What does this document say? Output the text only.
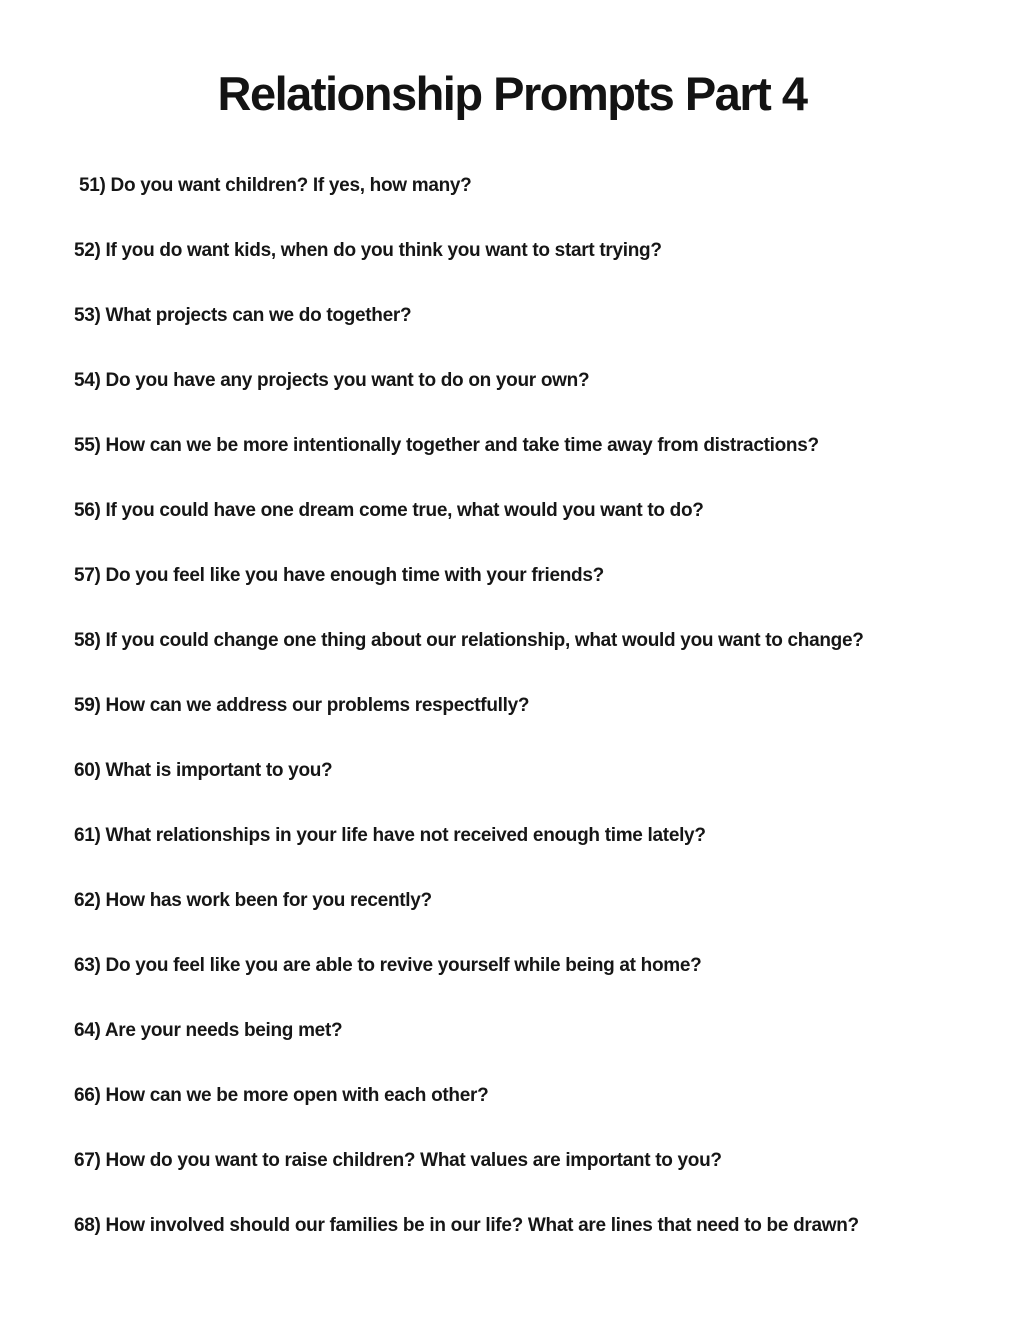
Relationship Prompts Part 4
51) Do you want children? If yes, how many?
52) If you do want kids, when do you think you want to start trying?
53) What projects can we do together?
54) Do you have any projects you want to do on your own?
55) How can we be more intentionally together and take time away from distractions?
56) If you could have one dream come true, what would you want to do?
57) Do you feel like you have enough time with your friends?
58) If you could change one thing about our relationship, what would you want to change?
59) How can we address our problems respectfully?
60) What is important to you?
61) What relationships in your life have not received enough time lately?
62) How has work been for you recently?
63) Do you feel like you are able to revive yourself while being at home?
64) Are your needs being met?
66) How can we be more open with each other?
67) How do you want to raise children? What values are important to you?
68) How involved should our families be in our life? What are lines that need to be drawn?
